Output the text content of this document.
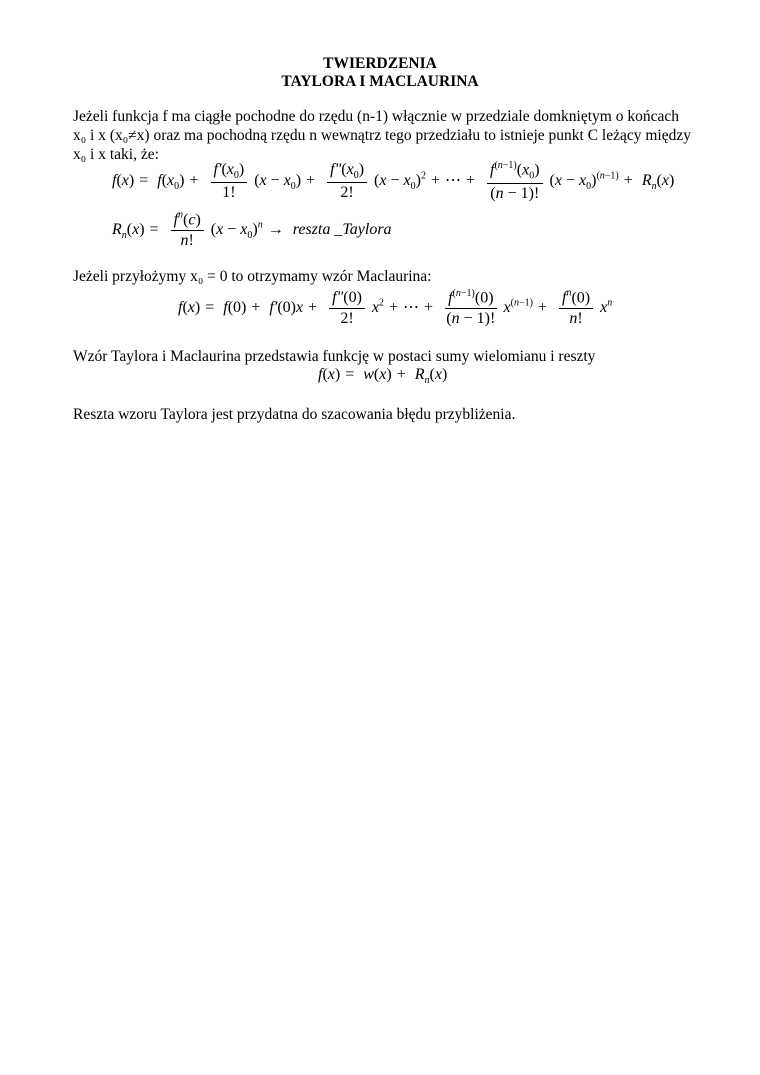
TWIERDZENIA
TAYLORA I MACLAURINA
Jeżeli funkcja f ma ciągłe pochodne do rzędu (n-1) włącznie w przedziale domkniętym o końcach
x₀ i x (x₀≠x) oraz ma pochodną rzędu n wewnątrz tego przedziału to istnieje punkt C leżący między
x₀ i x taki, że:
$f(x) = f(x_0) + \frac{f'(x_0)}{1!} (x - x_0) + \frac{f''(x_0)}{2!} (x - x_0)^2$ + ⋯ + $\frac{f^{(n-1)}(x_0)}{(n - 1)!} (x - x_0)^{(n-1)} + R_n(x)$
$R_n(x) = \frac{f^n(c)}{n!} (x - x_0)^n$ → reszta _Taylora
Jeżeli przyłożymy x₀ = 0 to otrzymamy wzór Maclaurina:
$f(x) = f(0) + f'(0)x + \frac{f''(0)}{2!} x^2$ + ⋯ + $\frac{f^{(n-1)}(0)}{(n - 1)!} x^{(n-1)} + \frac{f^n(0)}{n!} x^n$
Wzór Taylora i Maclaurina przedstawia funkcję w postaci sumy wielomianu i reszty
$f(x) = w(x) + R_n(x)$
Reszta wzoru Taylora jest przydatna do szacowania błędu przybliżenia.
